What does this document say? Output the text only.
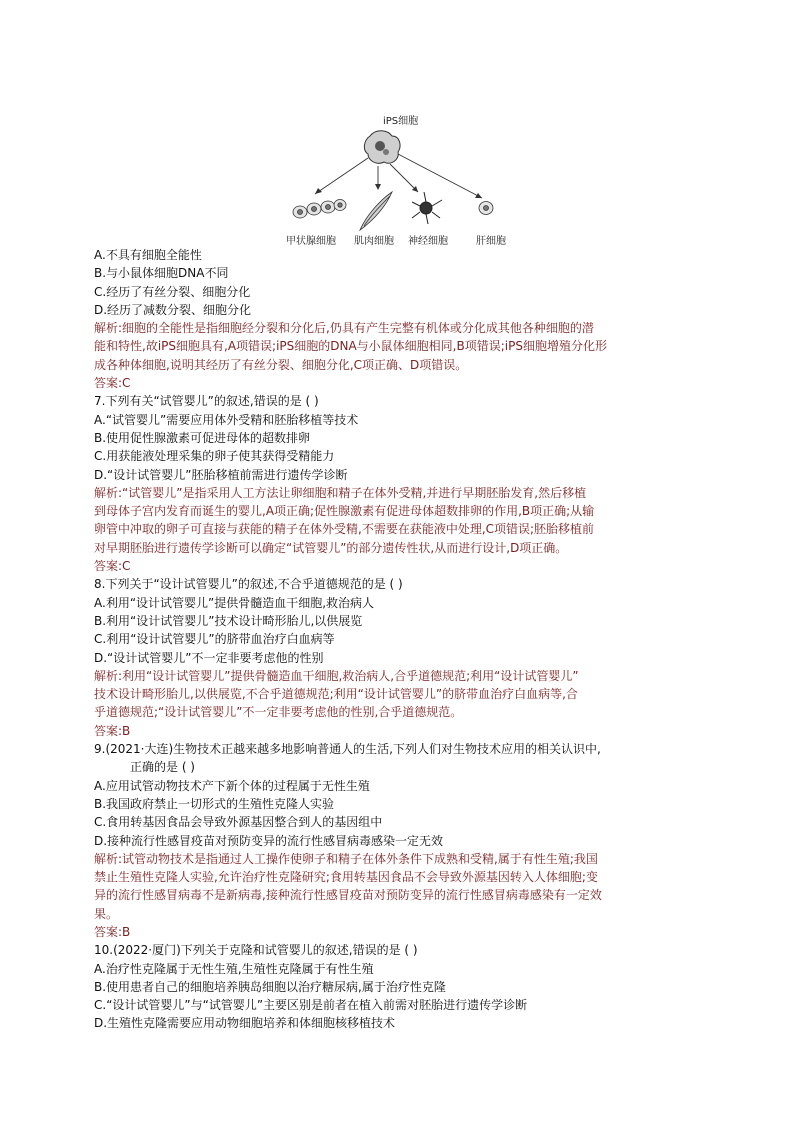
iPS细胞
甲状腺细胞 肌肉细胞 神经细胞	肝细胞
A.不具有细胞全能性
B.与小鼠体细胞DNA不同
C.经历了有丝分裂、细胞分化
D.经历了减数分裂、细胞分化
解析:细胞的全能性是指细胞经分裂和分化后,仍具有产生完整有机体或分化成其他各种细胞的潜
能和特性,故iPS细胞具有,A项错误;iPS细胞的DNA与小鼠体细胞相同,B项错误;iPS细胞增殖分化形
成各种体细胞,说明其经历了有丝分裂、细胞分化,C项正确、D项错误。
答案:C
7.下列有关“试管婴儿”的叙述,错误的是 ( )
A.“试管婴儿”需要应用体外受精和胚胎移植等技术
B.使用促性腺激素可促进母体的超数排卵
C.用获能液处理采集的卵子使其获得受精能力
D.“设计试管婴儿”胚胎移植前需进行遗传学诊断
解析:“试管婴儿”是指采用人工方法让卵细胞和精子在体外受精,并进行早期胚胎发育,然后移植
到母体子宫内发育而诞生的婴儿,A项正确;促性腺激素有促进母体超数排卵的作用,B项正确;从输
卵管中冲取的卵子可直接与获能的精子在体外受精,不需要在获能液中处理,C项错误;胚胎移植前
对早期胚胎进行遗传学诊断可以确定“试管婴儿”的部分遗传性状,从而进行设计,D项正确。
答案:C
8.下列关于“设计试管婴儿”的叙述,不合乎道德规范的是 ( )
A.利用“设计试管婴儿”提供骨髓造血干细胞,救治病人
B.利用“设计试管婴儿”技术设计畸形胎儿,以供展览
C.利用“设计试管婴儿”的脐带血治疗白血病等
D.“设计试管婴儿”不一定非要考虑他的性别
解析:利用“设计试管婴儿”提供骨髓造血干细胞,救治病人,合乎道德规范;利用“设计试管婴儿”
技术设计畸形胎儿,以供展览,不合乎道德规范;利用“设计试管婴儿”的脐带血治疗白血病等,合
乎道德规范;“设计试管婴儿”不一定非要考虑他的性别,合乎道德规范。
答案:B
9.(2021·大连)生物技术正越来越多地影响普通人的生活,下列人们对生物技术应用的相关认识中,
正确的是 ( )
A.应用试管动物技术产下新个体的过程属于无性生殖
B.我国政府禁止一切形式的生殖性克隆人实验
C.食用转基因食品会导致外源基因整合到人的基因组中
D.接种流行性感冒疫苗对预防变异的流行性感冒病毒感染一定无效
解析:试管动物技术是指通过人工操作使卵子和精子在体外条件下成熟和受精,属于有性生殖;我国
禁止生殖性克隆人实验,允许治疗性克隆研究;食用转基因食品不会导致外源基因转入人体细胞;变
异的流行性感冒病毒不是新病毒,接种流行性感冒疫苗对预防变异的流行性感冒病毒感染有一定效
果。
答案:B
10.(2022·厦门)下列关于克隆和试管婴儿的叙述,错误的是 ( )
A.治疗性克隆属于无性生殖,生殖性克隆属于有性生殖
B.使用患者自己的细胞培养胰岛细胞以治疗糖尿病,属于治疗性克隆
C.“设计试管婴儿”与“试管婴儿”主要区别是前者在植入前需对胚胎进行遗传学诊断
D.生殖性克隆需要应用动物细胞培养和体细胞核移植技术
